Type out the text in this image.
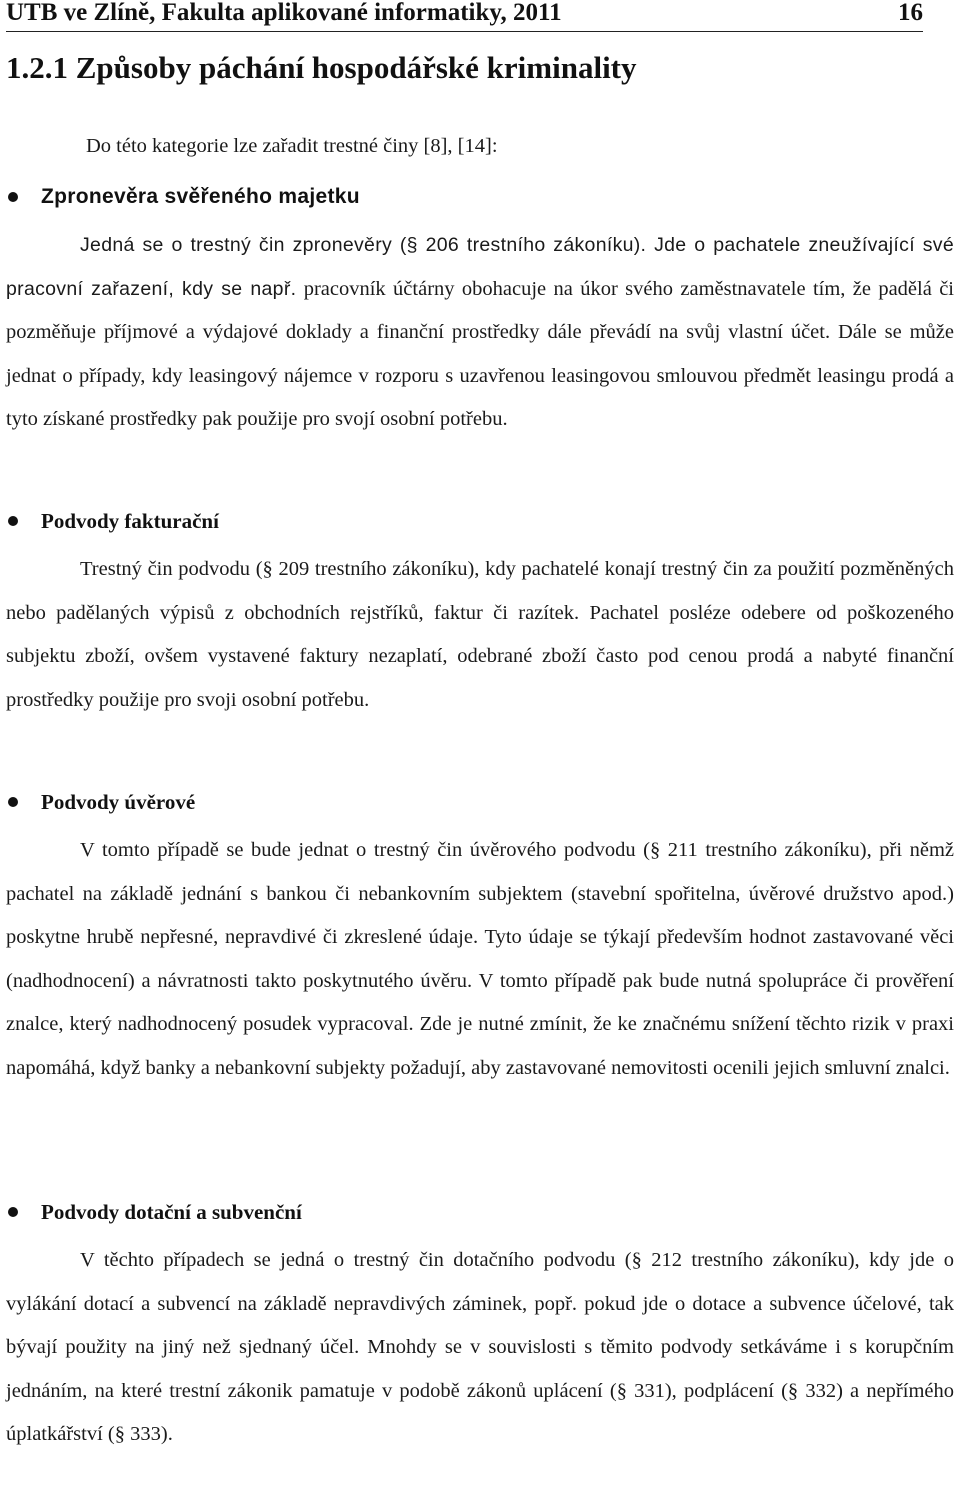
UTB ve Zlíně, Fakulta aplikované informatiky, 2011	16
1.2.1 Způsoby páchání hospodářské kriminality
Do této kategorie lze zařadit trestné činy [8], [14]:
Zpronevěra svěřeného majetku

Jedná se o trestný čin zpronevěry (§ 206 trestního zákoníku). Jde o pachatele zneužívající své pracovní zařazení, kdy se např. pracovník účtárny obohacuje na úkor svého zaměstnavatele tím, že padělá či pozměňuje příjmové a výdajové doklady a finanční prostředky dále převádí na svůj vlastní účet. Dále se může jednat o případy, kdy leasingový nájemce v rozporu s uzavřenou leasingovou smlouvou předmět leasingu prodá a tyto získané prostředky pak použije pro svojí osobní potřebu.

Podvody fakturační

Trestný čin podvodu (§ 209 trestního zákoníku), kdy pachatelé konají trestný čin za použití pozměněných nebo padělaných výpisů z obchodních rejstříků, faktur či razítek. Pachatel posléze odebere od poškozeného subjektu zboží, ovšem vystavené faktury nezaplatí, odebrané zboží často pod cenou prodá a nabyté finanční prostředky použije pro svoji osobní potřebu.

Podvody úvěrové

V tomto případě se bude jednat o trestný čin úvěrového podvodu (§ 211 trestního zákoníku), při němž pachatel na základě jednání s bankou či nebankovním subjektem (stavební spořitelna, úvěrové družstvo apod.) poskytne hrubě nepřesné, nepravdivé či zkreslené údaje. Tyto údaje se týkají především hodnot zastavované věci (nadhodnocení) a návratnosti takto poskytnutého úvěru. V tomto případě pak bude nutná spolupráce či prověření znalce, který nadhodnocený posudek vypracoval. Zde je nutné zmínit, že ke značnému snížení těchto rizik v praxi napomáhá, když banky a nebankovní subjekty požadují, aby zastavované nemovitosti ocenili jejich smluvní znalci.

Podvody dotační a subvenční

V těchto případech se jedná o trestný čin dotačního podvodu (§ 212 trestního zákoníku), kdy jde o vylákání dotací a subvencí na základě nepravdivých záminek, popř. pokud jde o dotace a subvence účelové, tak bývají použity na jiný než sjednaný účel. Mnohdy se v souvislosti s těmito podvody setkáváme i s korupčním jednáním, na které trestní zákonik pamatuje v podobě zákonů uplácení (§ 331), podplácení (§ 332) a nepřímého úplatkářství (§ 333).
